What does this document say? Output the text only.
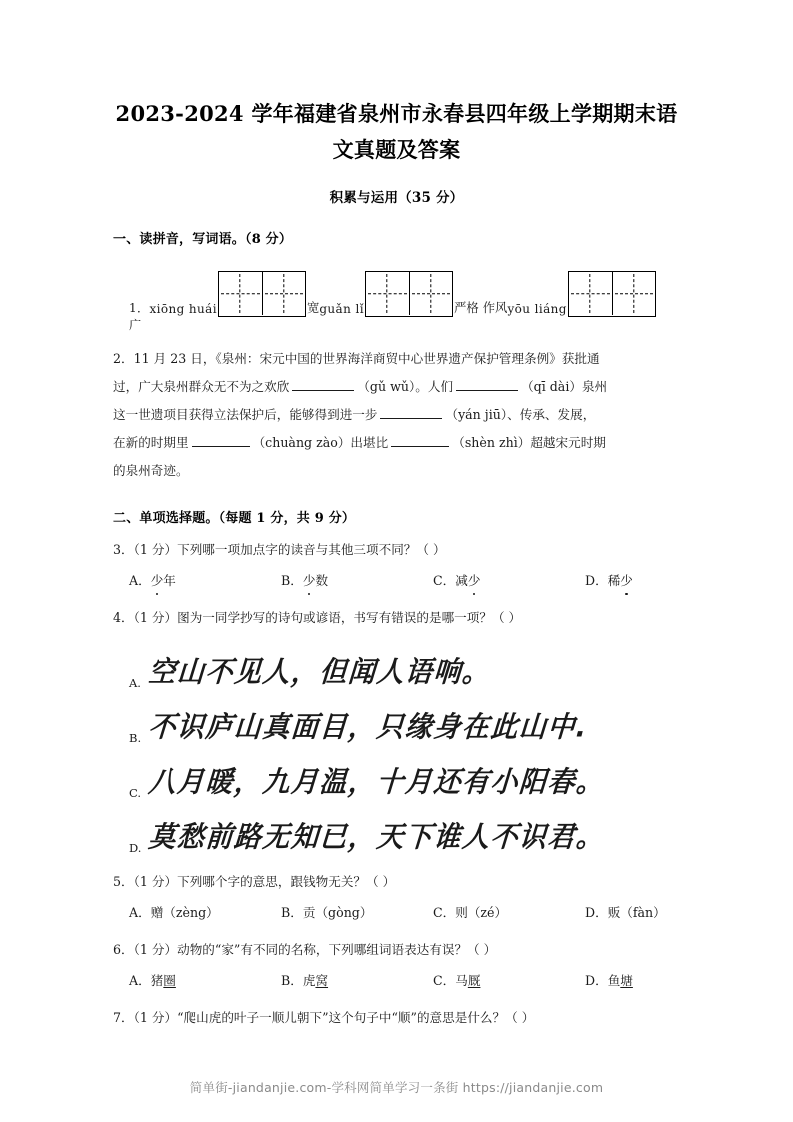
2023-2024 学年福建省泉州市永春县四年级上学期期末语文真题及答案
积累与运用（35 分）
一、读拼音，写词语。（8 分）
1． xiōng huái	宽 guǎn lǐ	严格 作风 yōu liáng
广
2．11 月 23 日，《泉州：宋元中国的世界海洋商贸中心世界遗产保护管理条例》获批通
过，广大泉州群众无不为之欢欣	（gǔ wǔ）。人们	（qī dài）泉州
这一世遗项目获得立法保护后，能够得到进一步	（yán jiū）、传承、发展，
在新的时期里	（chuàng zào）出堪比	（shèn zhì）超越宋元时期
的泉州奇迹。
二、单项选择题。（每题 1 分，共 9 分）
3．（1 分）下列哪一项加点字的读音与其他三项不同？（ ）
A．少年	B．少数	C．减少	D．稀少
4．（1 分）图为一同学抄写的诗句或谚语，书写有错误的是哪一项？（ ）
A. 空山不见人，但闻人语响。
B. 不识庐山真面目，只缘身在此山中.
C. 八月暖，九月温，十月还有小阳春。
D. 莫愁前路无知已，天下谁人不识君。
5．（1 分）下列哪个字的意思，跟钱物无关？（ ）
A．赠（zèng）	B．贡（gòng）	C．则（zé）	D．贩（fàn）
6．（1 分）动物的“家”有不同的名称，下列哪组词语表达有误？（ ）
A．猪圈	B．虎窝	C．马厩	D．鱼塘
7．（1 分）“爬山虎的叶子一顺儿朝下”这个句子中“顺”的意思是什么？（ ）
简单街-jiandanjie.com-学科网简单学习一条街 https://jiandanjie.com
